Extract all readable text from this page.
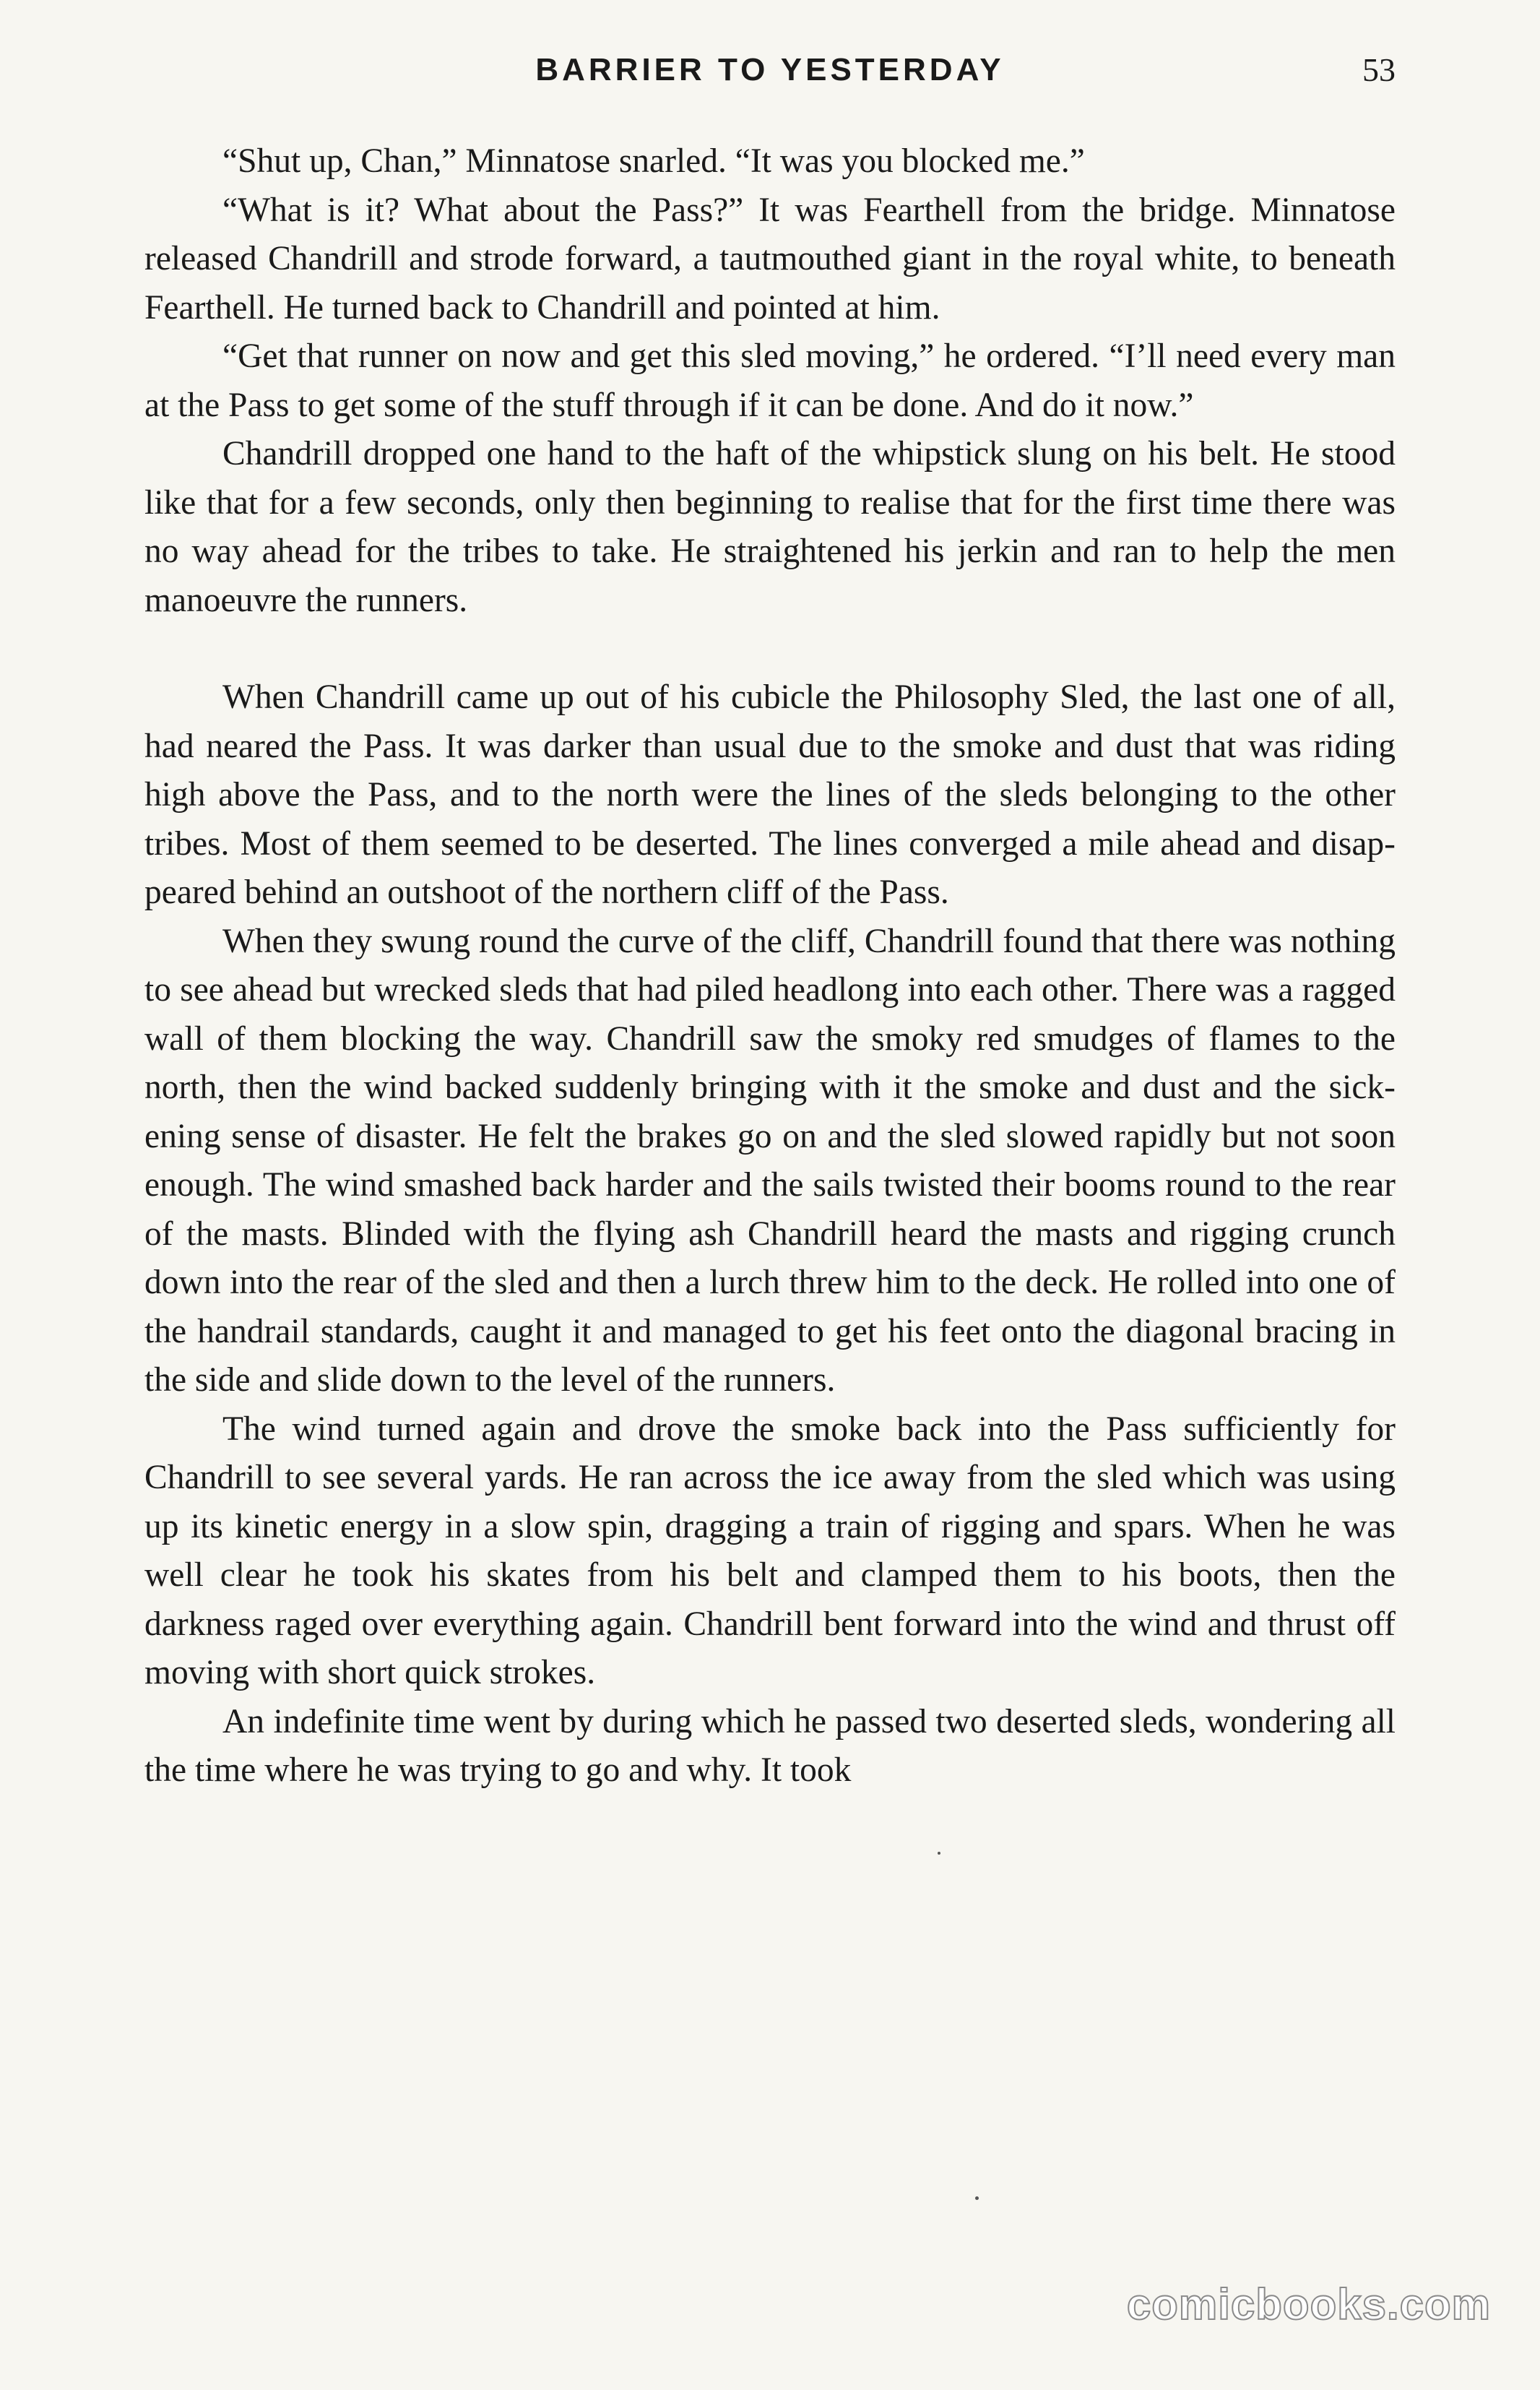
BARRIER TO YESTERDAY	53

“Shut up, Chan,” Minnatose snarled. “It was you blocked me.”

“What is it? What about the Pass?” It was Fearthell from the bridge. Minnatose released Chandrill and strode forward, a tautmouthed giant in the royal white, to beneath Fearthell. He turned back to Chandrill and pointed at him.

“Get that runner on now and get this sled moving,” he ordered. “I’ll need every man at the Pass to get some of the stuff through if it can be done. And do it now.”

Chandrill dropped one hand to the haft of the whipstick slung on his belt. He stood like that for a few seconds, only then beginning to realise that for the first time there was no way ahead for the tribes to take. He straightened his jerkin and ran to help the men manoeuvre the runners.

When Chandrill came up out of his cubicle the Philosophy Sled, the last one of all, had neared the Pass. It was darker than usual due to the smoke and dust that was riding high above the Pass, and to the north were the lines of the sleds belonging to the other tribes. Most of them seemed to be deserted. The lines converged a mile ahead and disappeared behind an outshoot of the northern cliff of the Pass.

When they swung round the curve of the cliff, Chandrill found that there was nothing to see ahead but wrecked sleds that had piled headlong into each other. There was a ragged wall of them blocking the way. Chandrill saw the smoky red smudges of flames to the north, then the wind backed suddenly bringing with it the smoke and dust and the sickening sense of disaster. He felt the brakes go on and the sled slowed rapidly but not soon enough. The wind smashed back harder and the sails twisted their booms round to the rear of the masts. Blinded with the flying ash Chandrill heard the masts and rigging crunch down into the rear of the sled and then a lurch threw him to the deck. He rolled into one of the handrail standards, caught it and managed to get his feet onto the diagonal bracing in the side and slide down to the level of the runners.

The wind turned again and drove the smoke back into the Pass sufficiently for Chandrill to see several yards. He ran across the ice away from the sled which was using up its kinetic energy in a slow spin, dragging a train of rigging and spars. When he was well clear he took his skates from his belt and clamped them to his boots, then the darkness raged over everything again. Chandrill bent forward into the wind and thrust off moving with short quick strokes.

An indefinite time went by during which he passed two deserted sleds, wondering all the time where he was trying to go and why. It took

comicbooks.com
